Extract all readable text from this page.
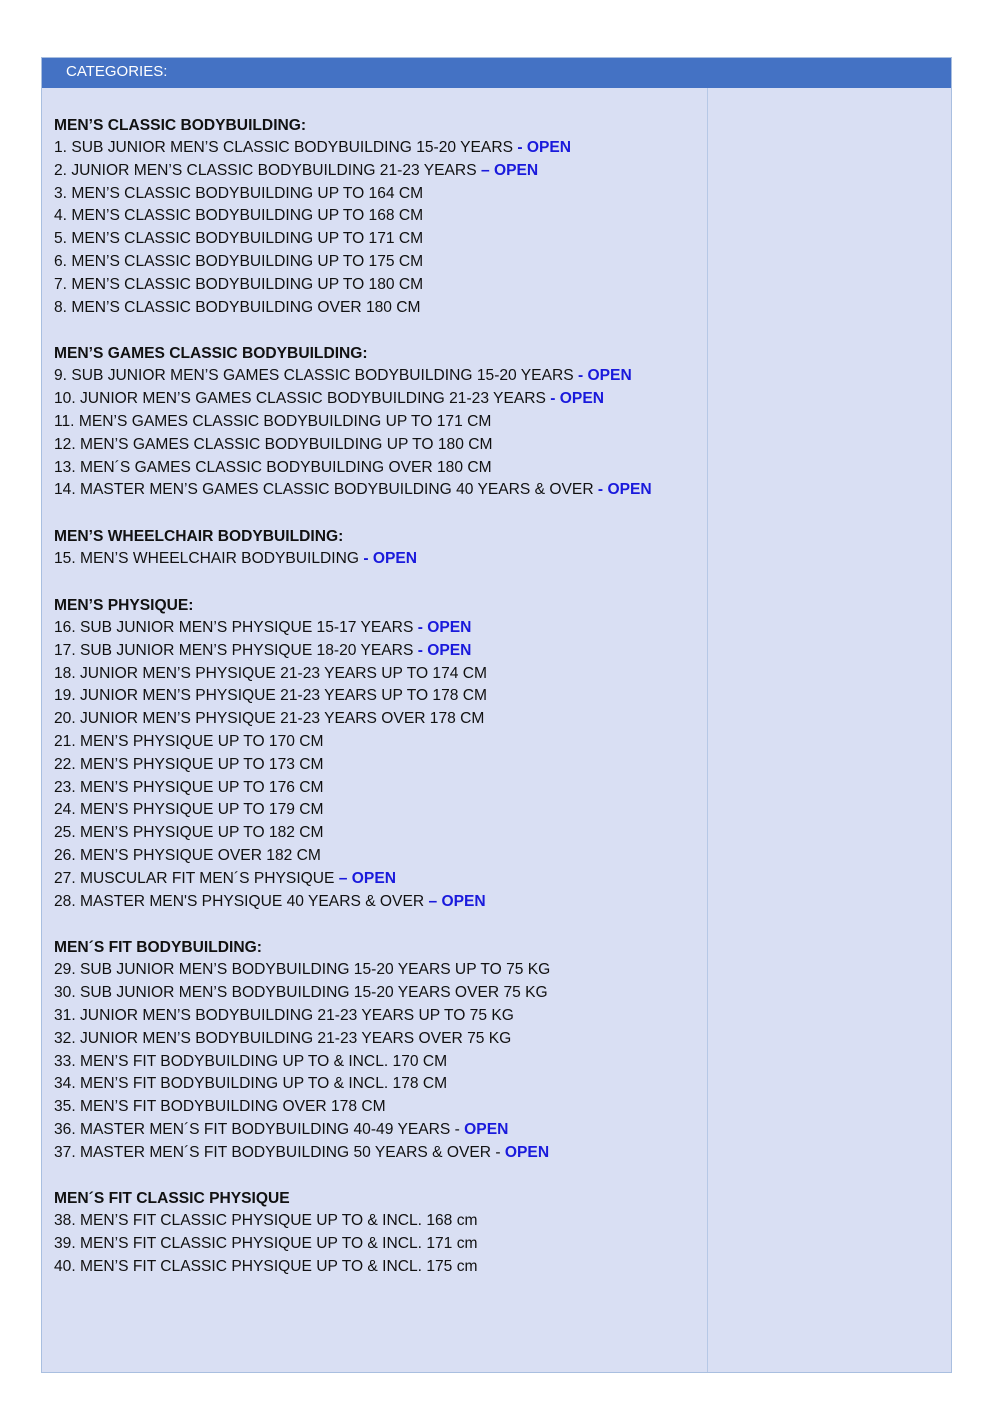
CATEGORIES:
MEN’S CLASSIC BODYBUILDING:
1. SUB JUNIOR MEN’S CLASSIC BODYBUILDING 15-20 YEARS - OPEN
2. JUNIOR MEN’S CLASSIC BODYBUILDING 21-23 YEARS – OPEN
3. MEN’S CLASSIC BODYBUILDING UP TO 164 CM
4. MEN’S CLASSIC BODYBUILDING UP TO 168 CM
5. MEN’S CLASSIC BODYBUILDING UP TO 171 CM
6. MEN’S CLASSIC BODYBUILDING UP TO 175 CM
7. MEN’S CLASSIC BODYBUILDING UP TO 180 CM
8. MEN’S CLASSIC BODYBUILDING OVER 180 CM
MEN’S GAMES CLASSIC BODYBUILDING:
9. SUB JUNIOR MEN’S GAMES CLASSIC BODYBUILDING 15-20 YEARS - OPEN
10. JUNIOR MEN’S GAMES CLASSIC BODYBUILDING 21-23 YEARS - OPEN
11. MEN’S GAMES CLASSIC BODYBUILDING UP TO 171 CM
12. MEN’S GAMES CLASSIC BODYBUILDING UP TO 180 CM
13. MEN´S GAMES CLASSIC BODYBUILDING OVER 180 CM
14. MASTER MEN’S GAMES CLASSIC BODYBUILDING 40 YEARS & OVER - OPEN
MEN’S WHEELCHAIR BODYBUILDING:
15. MEN’S WHEELCHAIR BODYBUILDING - OPEN
MEN’S PHYSIQUE:
16. SUB JUNIOR MEN’S PHYSIQUE 15-17 YEARS - OPEN
17. SUB JUNIOR MEN’S PHYSIQUE 18-20 YEARS - OPEN
18. JUNIOR MEN’S PHYSIQUE 21-23 YEARS UP TO 174 CM
19. JUNIOR MEN’S PHYSIQUE 21-23 YEARS UP TO 178 CM
20. JUNIOR MEN’S PHYSIQUE 21-23 YEARS OVER 178 CM
21. MEN’S PHYSIQUE UP TO 170 CM
22. MEN’S PHYSIQUE UP TO 173 CM
23. MEN’S PHYSIQUE UP TO 176 CM
24. MEN’S PHYSIQUE UP TO 179 CM
25. MEN’S PHYSIQUE UP TO 182 CM
26. MEN’S PHYSIQUE OVER 182 CM
27. MUSCULAR FIT MEN´S PHYSIQUE – OPEN
28. MASTER MEN'S PHYSIQUE 40 YEARS & OVER – OPEN
MEN´S FIT BODYBUILDING:
29. SUB JUNIOR MEN’S BODYBUILDING 15-20 YEARS UP TO 75 KG
30. SUB JUNIOR MEN’S BODYBUILDING 15-20 YEARS OVER 75 KG
31. JUNIOR MEN’S BODYBUILDING 21-23 YEARS UP TO 75 KG
32. JUNIOR MEN’S BODYBUILDING 21-23 YEARS OVER 75 KG
33. MEN’S FIT BODYBUILDING UP TO & INCL. 170 CM
34. MEN’S FIT BODYBUILDING UP TO & INCL. 178 CM
35. MEN’S FIT BODYBUILDING OVER 178 CM
36. MASTER MEN´S FIT BODYBUILDING 40-49 YEARS - OPEN
37. MASTER MEN´S FIT BODYBUILDING 50 YEARS & OVER - OPEN
MEN´S FIT CLASSIC PHYSIQUE
38. MEN’S FIT CLASSIC PHYSIQUE UP TO & INCL. 168 cm
39. MEN’S FIT CLASSIC PHYSIQUE UP TO & INCL. 171 cm
40. MEN’S FIT CLASSIC PHYSIQUE UP TO & INCL. 175 cm
